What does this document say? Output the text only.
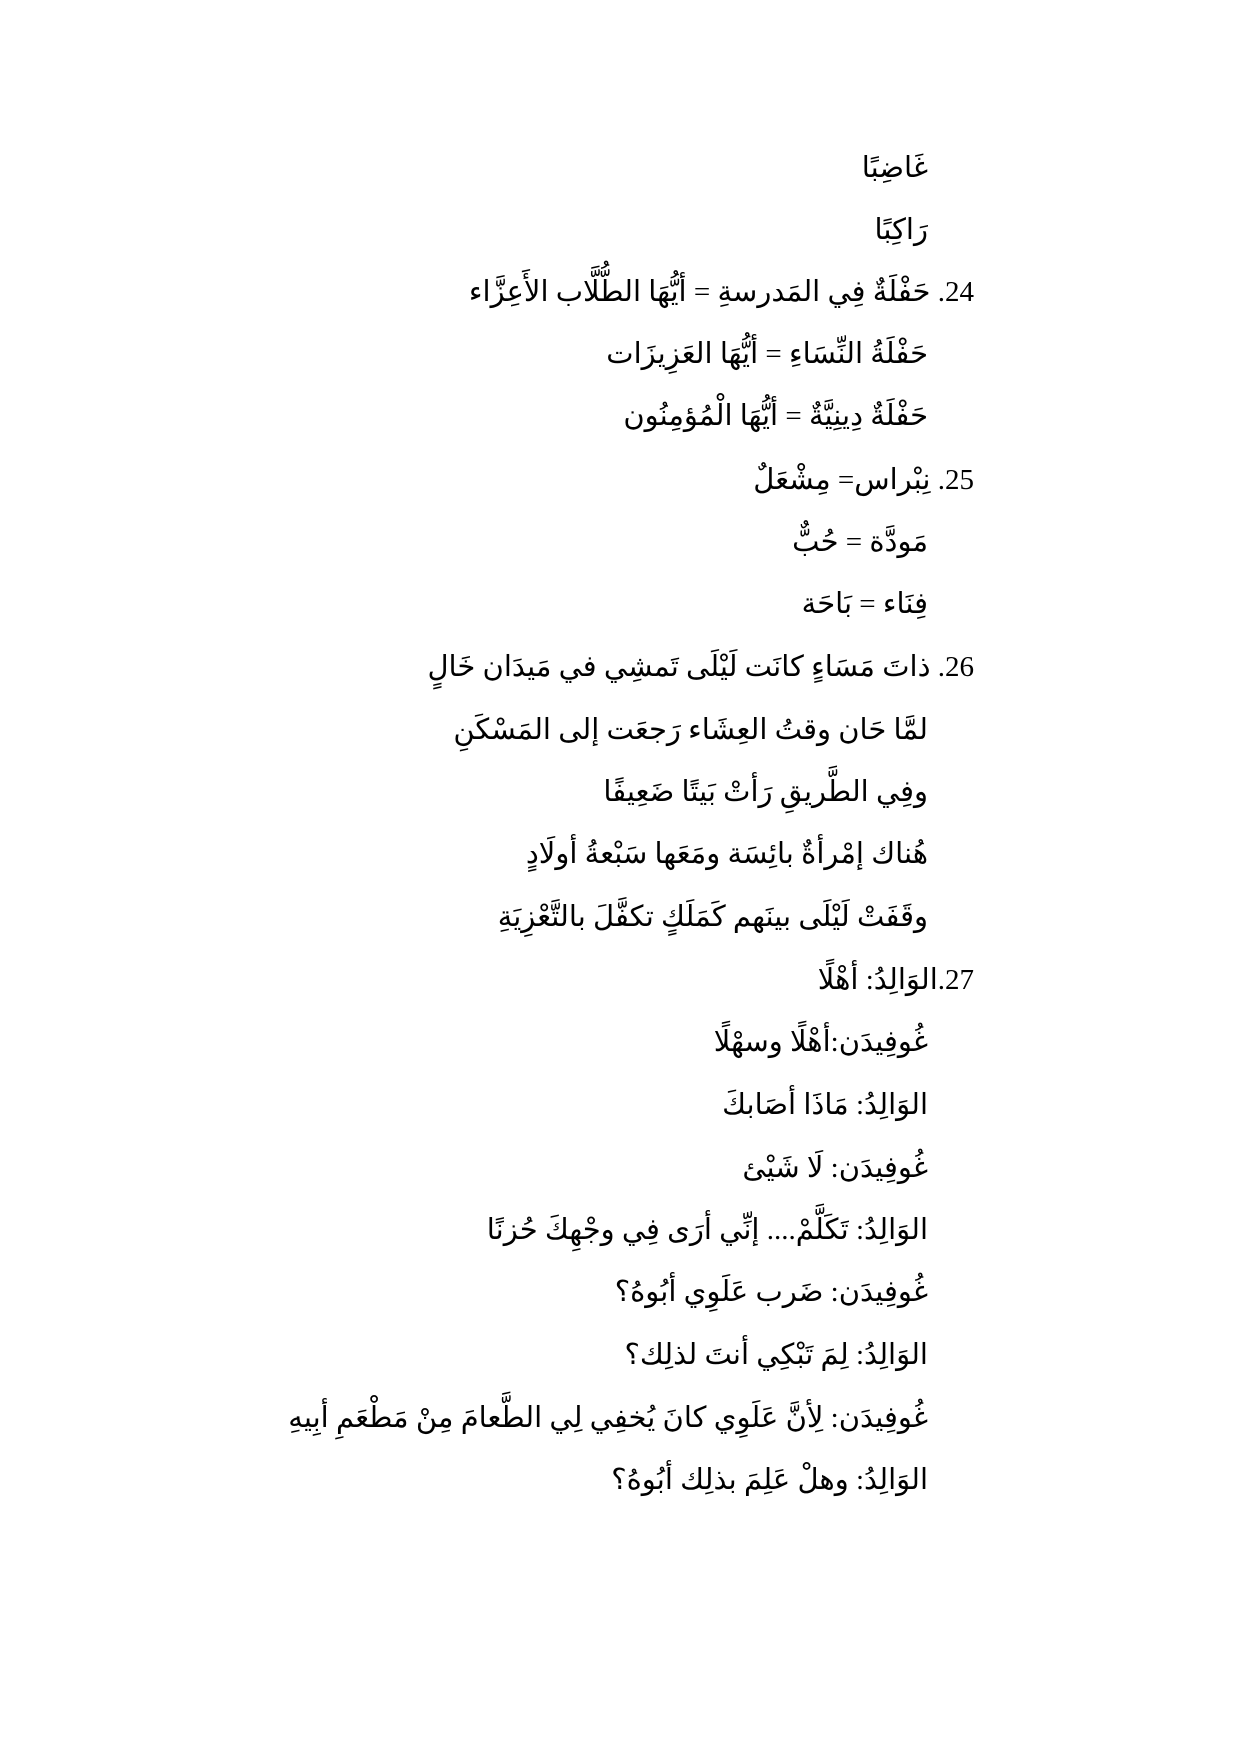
غَاضِبًا
رَاكِبًا
24. حَفْلَةٌ فِي المَدرسةِ = أيُّهَا الطُّلَّاب الأَعِزَّاء
حَفْلَةُ النِّسَاءِ = أيُّهَا العَزِيزَات
حَفْلَةٌ دِينِيَّةٌ = أيُّهَا الْمُؤمِنُون
25. نِبْراس= مِشْعَلٌ
مَودَّة = حُبٌّ
فِنَاء = بَاحَة
26. ذاتَ مَسَاءٍ كانَت لَيْلَى تَمشِي في مَيدَان خَالٍ
لمَّا حَان وقتُ العِشَاء رَجعَت إلى المَسْكَنِ
وفِي الطَّريقِ رَأتْ بَيتًا ضَعِيفًا
هُناك إمْرأةٌ بائِسَة ومَعَها سَبْعةُ أولَادٍ
وقَفَتْ لَيْلَى بينَهم كَمَلَكٍ تكفَّلَ بالتَّعْزِيَةِ
27.الوَالِدُ: أهْلًا
غُوفِيدَن:أهْلًا وسهْلًا
الوَالِدُ: مَاذَا أصَابكَ
غُوفِيدَن: لَا شَيْئ
الوَالِدُ: تَكَلَّمْ.... إنِّي أرَى فِي وجْهِكَ حُزنًا
غُوفِيدَن: ضَرب عَلَوِي أبُوهُ؟
الوَالِدُ: لِمَ تَبْكِي أنتَ لذلِك؟
غُوفِيدَن: لِأنَّ عَلَوِي كانَ يُخفِي لِي الطَّعامَ مِنْ مَطْعَمِ أبِيهِ
الوَالِدُ: وهلْ عَلِمَ بذلِك أبُوهُ؟
